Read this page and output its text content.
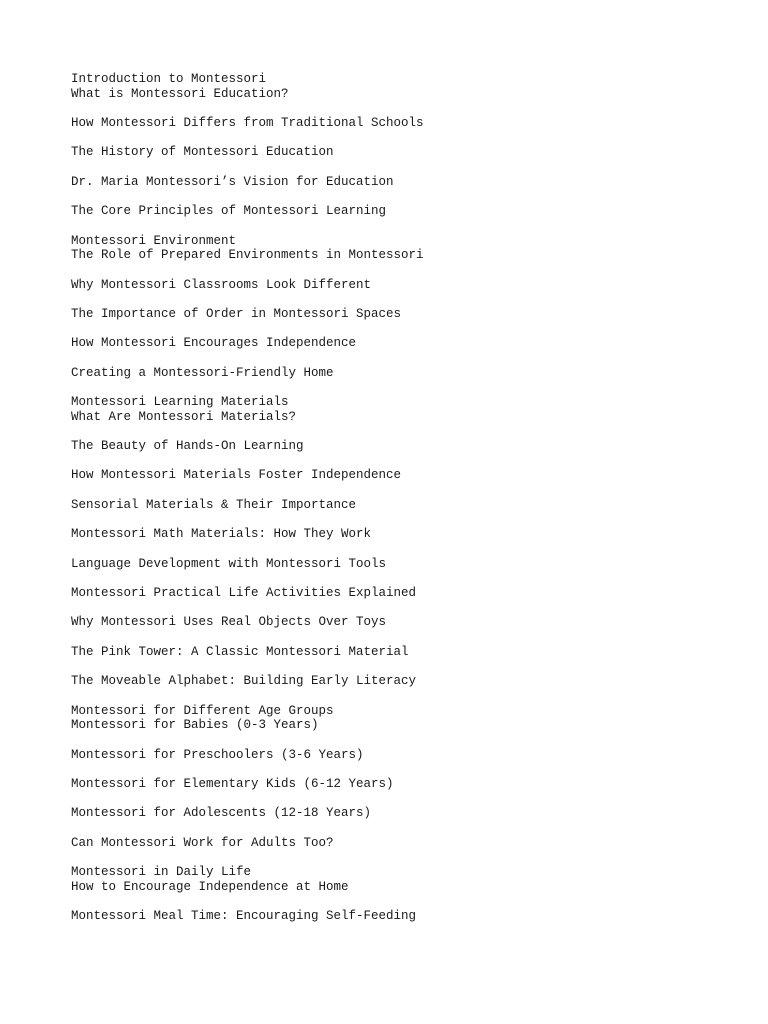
Introduction to Montessori
What is Montessori Education?
How Montessori Differs from Traditional Schools
The History of Montessori Education
Dr. Maria Montessori’s Vision for Education
The Core Principles of Montessori Learning
Montessori Environment
The Role of Prepared Environments in Montessori
Why Montessori Classrooms Look Different
The Importance of Order in Montessori Spaces
How Montessori Encourages Independence
Creating a Montessori-Friendly Home
Montessori Learning Materials
What Are Montessori Materials?
The Beauty of Hands-On Learning
How Montessori Materials Foster Independence
Sensorial Materials & Their Importance
Montessori Math Materials: How They Work
Language Development with Montessori Tools
Montessori Practical Life Activities Explained
Why Montessori Uses Real Objects Over Toys
The Pink Tower: A Classic Montessori Material
The Moveable Alphabet: Building Early Literacy
Montessori for Different Age Groups
Montessori for Babies (0-3 Years)
Montessori for Preschoolers (3-6 Years)
Montessori for Elementary Kids (6-12 Years)
Montessori for Adolescents (12-18 Years)
Can Montessori Work for Adults Too?
Montessori in Daily Life
How to Encourage Independence at Home
Montessori Meal Time: Encouraging Self-Feeding
